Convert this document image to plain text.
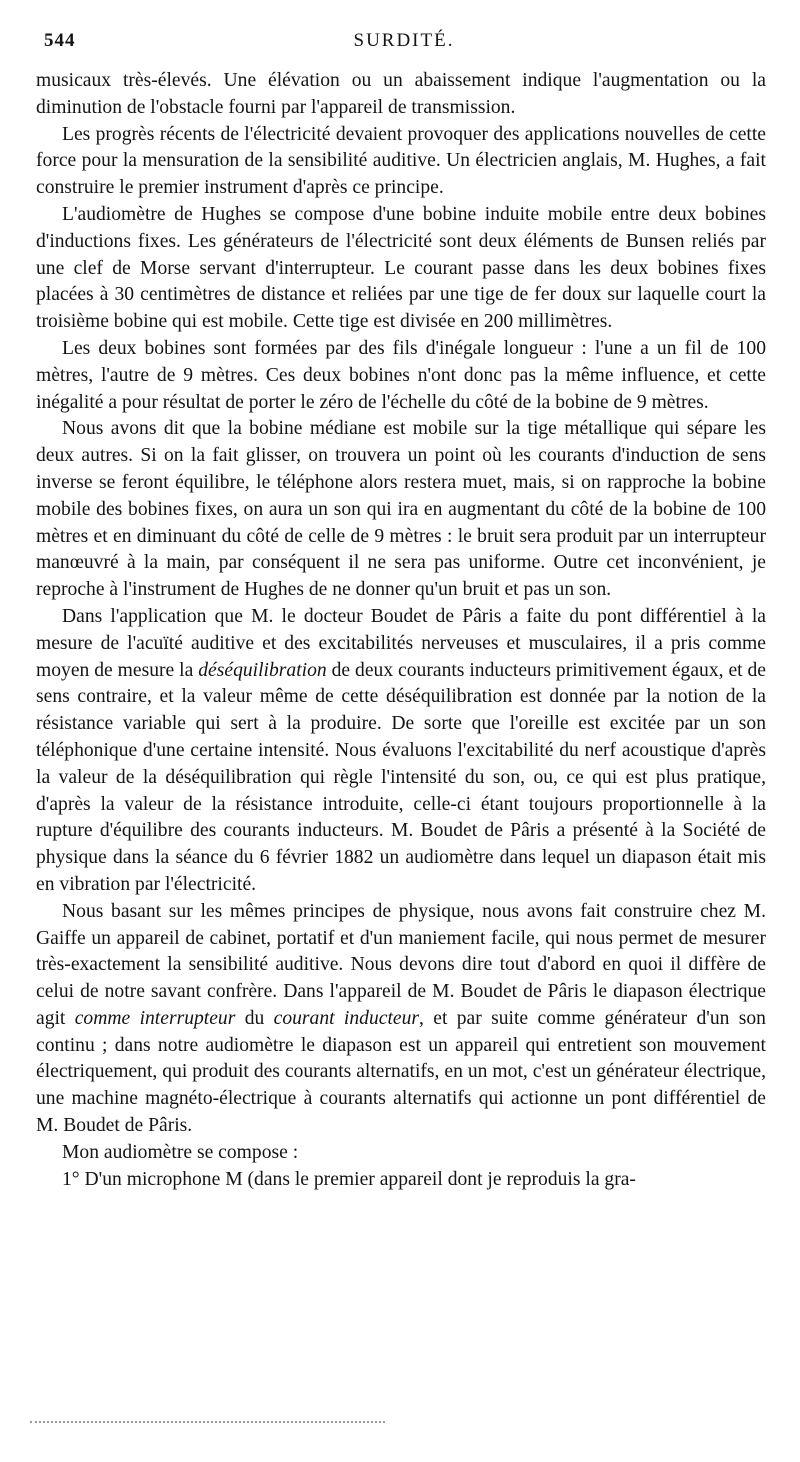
544	SURDITÉ.

musicaux très-élevés. Une élévation ou un abaissement indique l'augmentation ou la diminution de l'obstacle fourni par l'appareil de transmission.

Les progrès récents de l'électricité devaient provoquer des applications nouvelles de cette force pour la mensuration de la sensibilité auditive. Un électricien anglais, M. Hughes, a fait construire le premier instrument d'après ce principe.

L'audiomètre de Hughes se compose d'une bobine induite mobile entre deux bobines d'inductions fixes. Les générateurs de l'électricité sont deux éléments de Bunsen reliés par une clef de Morse servant d'interrupteur. Le courant passe dans les deux bobines fixes placées à 30 centimètres de distance et reliées par une tige de fer doux sur laquelle court la troisième bobine qui est mobile. Cette tige est divisée en 200 millimètres.

Les deux bobines sont formées par des fils d'inégale longueur : l'une a un fil de 100 mètres, l'autre de 9 mètres. Ces deux bobines n'ont donc pas la même influence, et cette inégalité a pour résultat de porter le zéro de l'échelle du côté de la bobine de 9 mètres.

Nous avons dit que la bobine médiane est mobile sur la tige métallique qui sépare les deux autres. Si on la fait glisser, on trouvera un point où les courants d'induction de sens inverse se feront équilibre, le téléphone alors restera muet, mais, si on rapproche la bobine mobile des bobines fixes, on aura un son qui ira en augmentant du côté de la bobine de 100 mètres et en diminuant du côté de celle de 9 mètres : le bruit sera produit par un interrupteur manœuvré à la main, par conséquent il ne sera pas uniforme. Outre cet inconvénient, je reproche à l'instrument de Hughes de ne donner qu'un bruit et pas un son.

Dans l'application que M. le docteur Boudet de Pâris a faite du pont différentiel à la mesure de l'acuïté auditive et des excitabilités nerveuses et musculaires, il a pris comme moyen de mesure la déséquilibration de deux courants inducteurs primitivement égaux, et de sens contraire, et la valeur même de cette déséquilibration est donnée par la notion de la résistance variable qui sert à la produire. De sorte que l'oreille est excitée par un son téléphonique d'une certaine intensité. Nous évaluons l'excitabilité du nerf acoustique d'après la valeur de la déséquilibration qui règle l'intensité du son, ou, ce qui est plus pratique, d'après la valeur de la résistance introduite, celle-ci étant toujours proportionnelle à la rupture d'équilibre des courants inducteurs. M. Boudet de Pâris a présenté à la Société de physique dans la séance du 6 février 1882 un audiomètre dans lequel un diapason était mis en vibration par l'électricité.

Nous basant sur les mêmes principes de physique, nous avons fait construire chez M. Gaiffe un appareil de cabinet, portatif et d'un maniement facile, qui nous permet de mesurer très-exactement la sensibilité auditive. Nous devons dire tout d'abord en quoi il diffère de celui de notre savant confrère. Dans l'appareil de M. Boudet de Pâris le diapason électrique agit comme interrupteur du courant inducteur, et par suite comme générateur d'un son continu ; dans notre audiomètre le diapason est un appareil qui entretient son mouvement électriquement, qui produit des courants alternatifs, en un mot, c'est un générateur électrique, une machine magnéto-électrique à courants alternatifs qui actionne un pont différentiel de M. Boudet de Pâris.

Mon audiomètre se compose :

1° D'un microphone M (dans le premier appareil dont je reproduis la gra-
